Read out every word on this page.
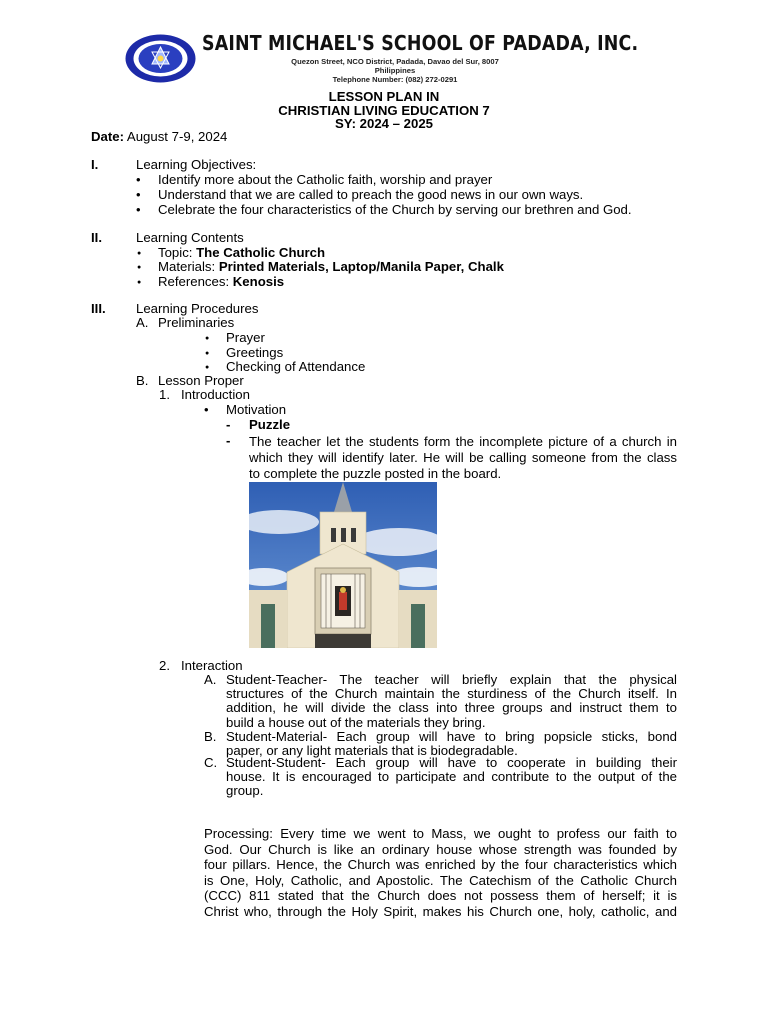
SAINT MICHAEL'S SCHOOL OF PADADA, INC.
Quezon Street, NCO District, Padada, Davao del Sur, 8007 Philippines
Telephone Number: (082) 272-0291
LESSON PLAN IN
CHRISTIAN LIVING EDUCATION 7
SY: 2024 – 2025
Date: August 7-9, 2024
I.	Learning Objectives:
• Identify more about the Catholic faith, worship and prayer
• Understand that we are called to preach the good news in our own ways.
• Celebrate the four characteristics of the Church by serving our brethren and God.
II.	Learning Contents
● Topic: The Catholic Church
● Materials: Printed Materials, Laptop/Manila Paper, Chalk
● References: Kenosis
III. Learning Procedures
A. Preliminaries
● Prayer
● Greetings
● Checking of Attendance
B. Lesson Proper
1. Introduction
• Motivation
- Puzzle
- The teacher let the students form the incomplete picture of a church in
which they will identify later. He will be calling someone from the class
to complete the puzzle posted in the board.
2. Interaction
A. Student-Teacher- The teacher will briefly explain that the physical
structures of the Church maintain the sturdiness of the Church itself. In
addition, he will divide the class into three groups and instruct them to
build a house out of the materials they bring.
B. Student-Material- Each group will have to bring popsicle sticks, bond
paper, or any light materials that is biodegradable.
C. Student-Student- Each group will have to cooperate in building their
house. It is encouraged to participate and contribute to the output of the
group.
Processing: Every time we went to Mass, we ought to profess our faith to
God. Our Church is like an ordinary house whose strength was founded by
four pillars. Hence, the Church was enriched by the four characteristics which
is One, Holy, Catholic, and Apostolic. The Catechism of the Catholic Church
(CCC) 811 stated that the Church does not possess them of herself; it is
Christ who, through the Holy Spirit, makes his Church one, holy, catholic, and
